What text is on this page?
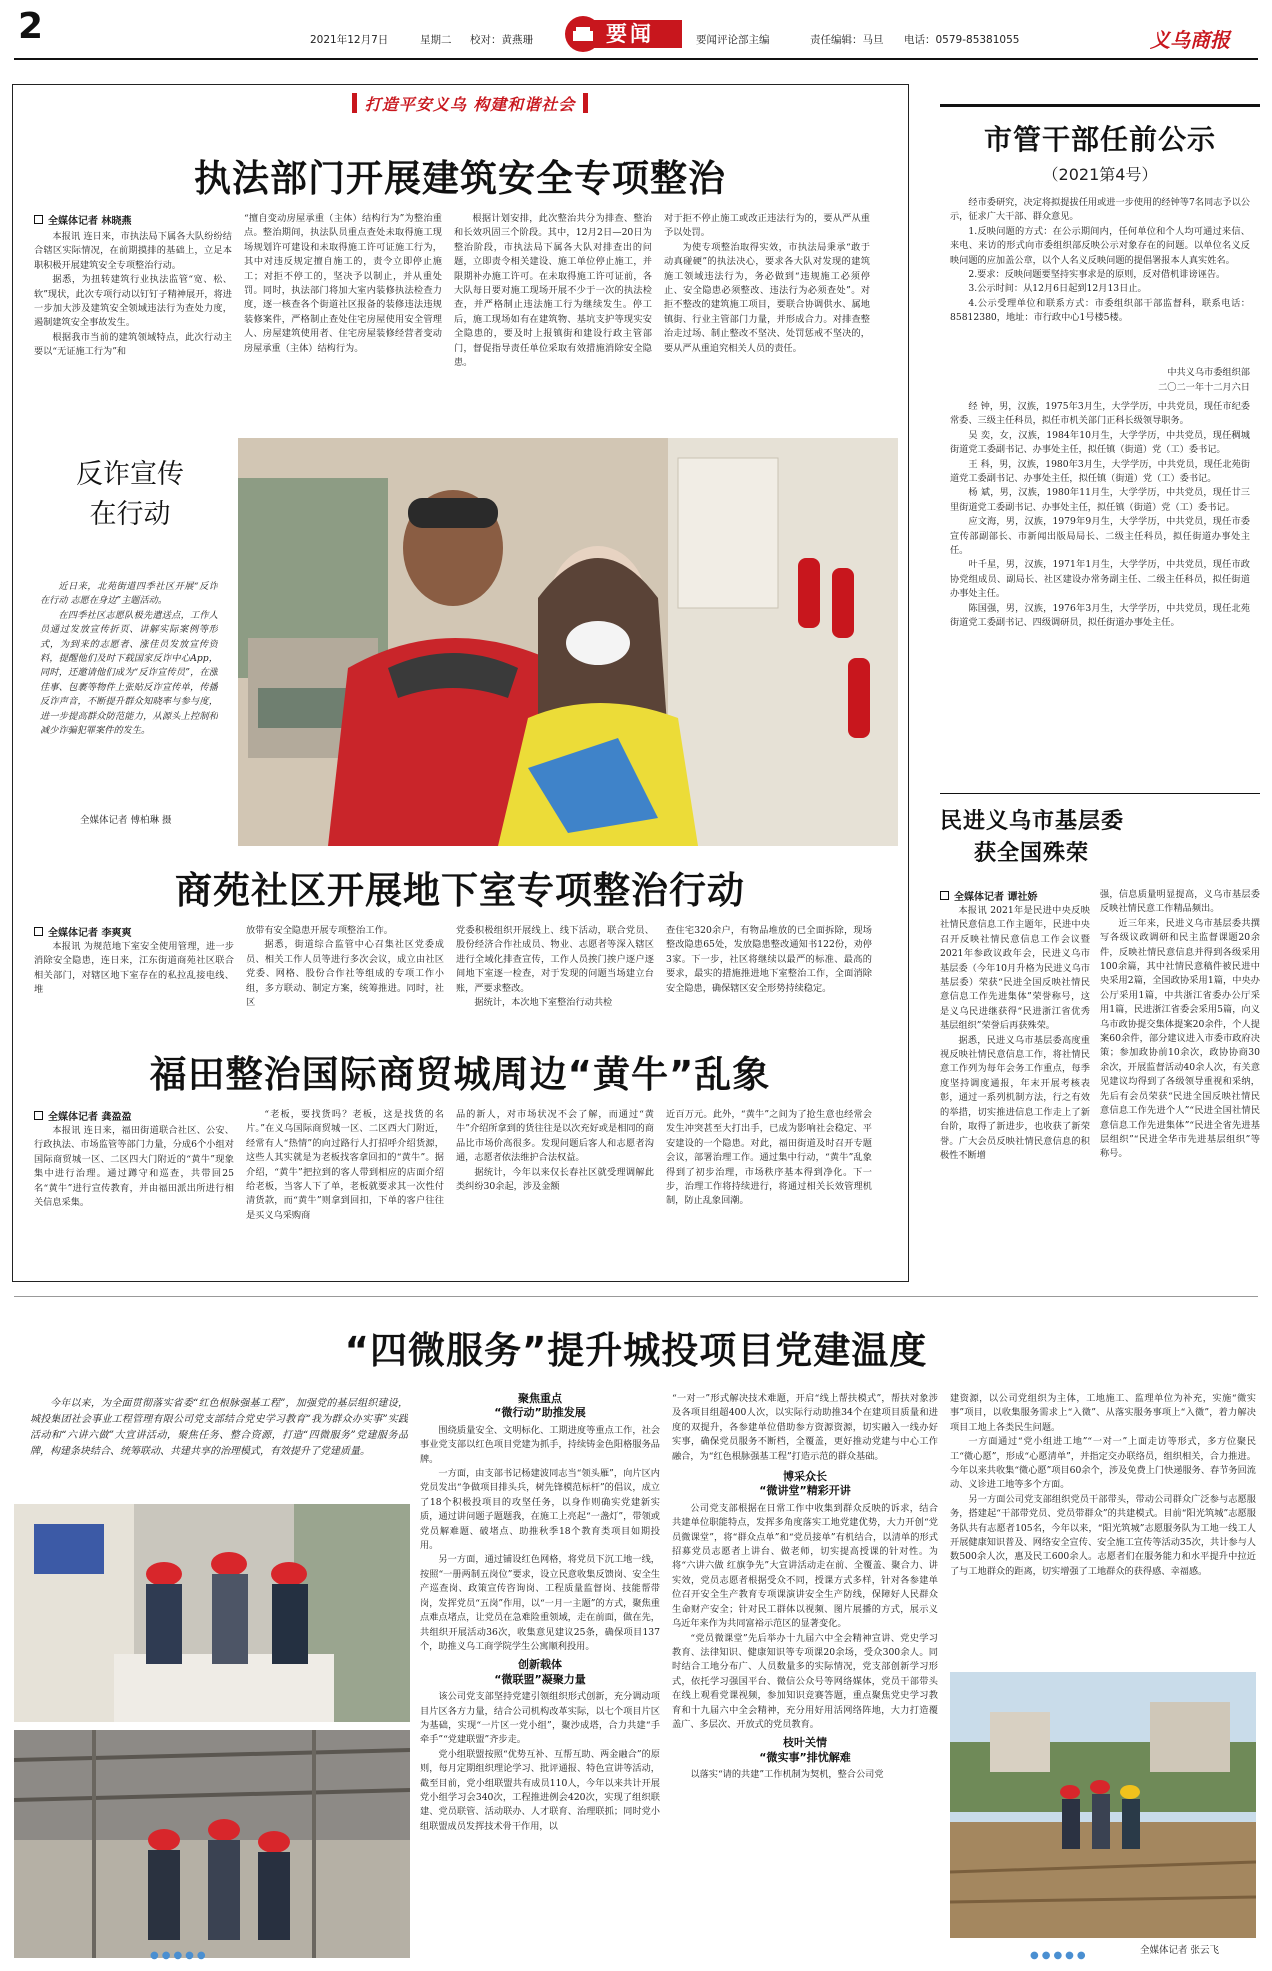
2	2021年12月7日	星期二 校对：黄燕珊	要闻	要闻评论部主编	责任编辑：马旦 电话：0579-85381055	义乌商报
打造平安义乌 构建和谐社会
执法部门开展建筑安全专项整治
全媒体记者 林晓燕
本报讯 连日来，市执法局下属各大队纷纷结合辖区实际情况，在前期摸排的基础上，立足本职积极开展建筑安全专项整治行动。
据悉，为扭转建筑行业执法监管“宽、松、软”现状，此次专项行动以钉钉子精神展开，将进一步加大涉及建筑安全领域违法行为查处力度，遏制建筑安全事故发生。
根据我市当前的建筑领域特点，此次行动主要以“无证施工行为”和
“擅自变动房屋承重（主体）结构行为”为整治重点。整治期间，执法队员重点查处未取得施工现场规划许可建设和未取得施工许可证施工行为，其中对违反规定擅自施工的，责令立即停止施工；对拒不停工的，坚决予以制止，并从重处罚。同时，执法部门将加大室内装修执法检查力度，逐一核查各个街道社区报备的装修违法违规装修案件，严格制止查处住宅房屋使用安全管理人、房屋建筑使用者、住宅房屋装修经营者变动房屋承重（主体）结构行为。
根据计划安排，此次整治共分为排查、整治和长效巩固三个阶段。其中，12月2日—20日为整治阶段，市执法局下属各大队对排查出的问题，立即责令相关建设、施工单位停止施工，并限期补办施工许可。在未取得施工许可证前，各大队每日要对施工现场开展不少于一次的执法检查，并严格制止违法施工行为继续发生。停工后，施工现场如有在建筑物、基坑支护等现实安全隐患的，要及时上报镇街和建设行政主管部门，督促指导责任单位采取有效措施消除安全隐患。
对于拒不停止施工或改正违法行为的，要从严从重予以处罚。
为使专项整治取得实效，市执法局秉承“敢于动真碰硬”的执法决心，要求各大队对发现的建筑施工领域违法行为，务必做到“违规施工必须停止、安全隐患必须整改、违法行为必须查处”。对拒不整改的建筑施工项目，要联合协调供水、属地镇街、行业主管部门力量，并形成合力。对排查整治走过场、制止整改不坚决、处罚惩戒不坚决的，要从严从重追究相关人员的责任。
反诈宣传
在行动
近日来，北苑街道四季社区开展“反诈在行动 志愿在身边”主题活动。
在四季社区志愿队极先遣送点，工作人员通过发放宣传折页、讲解实际案例等形式，为到来的志愿者、涨佳员发放宣传资料，提醒他们及时下载国家反诈中心App，同时，还邀请他们成为“反诈宣传员”，在涨佳事、包裹等物件上张贴反诈宣传单，传播反诈声音，不断提升群众知晓率与参与度，进一步提高群众防范能力，从源头上控制和减少诈骗犯罪案件的发生。
全媒体记者 傅柏琳 摄
商苑社区开展地下室专项整治行动
全媒体记者 李爽爽
本报讯 为规范地下室安全使用管理，进一步消除安全隐患，连日来，江东街道商苑社区联合相关部门，对辖区地下室存在的私拉乱接电线、堆
放带有安全隐患开展专项整治工作。
据悉，街道综合监管中心召集社区党委成员、相关工作人员等进行多次会议，成立由社区党委、网格、股份合作社等组成的专项工作小组，多方联动、制定方案，统筹推进。同时，社区
党委积极组织开展线上、线下活动，联合党员、股份经济合作社成员、物业、志愿者等深入辖区进行全域化排查宣传，工作人员挨门挨户逐户逐间地下室逐一检查，对于发现的问题当场建立台账，严要求整改。
据统计，本次地下室整治行动共检
查住宅320余户，有物品堆放的已全面拆除，现场整改隐患65处，发放隐患整改通知书122份，劝停3家。下一步，社区将继续以最严的标准、最高的要求，最实的措施推进地下室整治工作，全面消除安全隐患，确保辖区安全形势持续稳定。
福田整治国际商贸城周边“黄牛”乱象
全媒体记者 龚盈盈
本报讯 连日来，福田街道联合社区、公安、行政执法、市场监管等部门力量，分成6个小组对国际商贸城一区、二区四大门附近的“黄牛”现象集中进行治理。通过蹲守和巡查，共带回25名“黄牛”进行宣传教育，并由福田派出所进行相关信息采集。
“老板，要找货吗？老板，这是找货的名片。”在义乌国际商贸城一区、二区西大门附近，经常有人“热情”的向过路行人打招呼介绍货源，这些人其实就是为老板找客拿回扣的“黄牛”。据介绍，“黄牛”把拉到的客人带到相应的店面介绍给老板，当客人下了单，老板就要求其一次性付清货款，而“黄牛”则拿到回扣，下单的客户往往是买义乌采购商
品的新人，对市场状况不会了解，而通过“黄牛”介绍所拿到的货往往是以次充好或是相同的商品比市场价高很多。发现问题后客人和志愿者沟通，志愿者依法维护合法权益。
据统计，今年以来仅长春社区就受理调解此类纠纷30余起，涉及金额
近百万元。此外，“黄牛”之间为了抢生意也经常会发生冲突甚至大打出手，已成为影响社会稳定、平安建设的一个隐患。对此，福田街道及时召开专题会议，部署治理工作。通过集中行动，“黄牛”乱象得到了初步治理，市场秩序基本得到净化。下一步，治理工作将持续进行，将通过相关长效管理机制，防止乱象回潮。
市管干部任前公示
（2021第4号）
经市委研究，决定将拟提拔任用或进一步使用的经钟等7名同志予以公示，征求广大干部、群众意见。
1.反映问题的方式：在公示期间内，任何单位和个人均可通过来信、来电、来访的形式向市委组织部反映公示对象存在的问题。以单位名义反映问题的应加盖公章，以个人名义反映问题的提倡署报本人真实姓名。
2.要求：反映问题要坚持实事求是的原则，反对借机诽谤诬告。
3.公示时间：从12月6日起到12月13日止。
4.公示受理单位和联系方式：市委组织部干部监督科，联系电话：85812380，地址：市行政中心1号楼5楼。
中共义乌市委组织部
二〇二一年十二月六日
经 钟，男，汉族，1975年3月生，大学学历，中共党员，现任市纪委常委、三级主任科员，拟任市机关部门正科长级领导职务。
吴 奕，女，汉族，1984年10月生，大学学历，中共党员，现任稠城街道党工委副书记、办事处主任，拟任镇（街道）党（工）委书记。
王 科，男，汉族，1980年3月生，大学学历，中共党员，现任北苑街道党工委副书记、办事处主任，拟任镇（街道）党（工）委书记。
杨 斌，男，汉族，1980年11月生，大学学历，中共党员，现任廿三里街道党工委副书记、办事处主任，拟任镇（街道）党（工）委书记。
应文海，男，汉族，1979年9月生，大学学历，中共党员，现任市委宣传部副部长、市新闻出版局局长、二级主任科员，拟任街道办事处主任。
叶千星，男，汉族，1971年1月生，大学学历，中共党员，现任市政协党组成员、副局长、社区建设办常务副主任、二级主任科员，拟任街道办事处主任。
陈国强，男，汉族，1976年3月生，大学学历，中共党员，现任北苑街道党工委副书记、四级调研员，拟任街道办事处主任。
民进义乌市基层委
获全国殊荣
全媒体记者 谭社娇
本报讯 2021年是民进中央反映社情民意信息工作主题年，民进中央召开反映社情民意信息工作会议暨2021年参政议政年会，民进义乌市基层委（今年10月升格为民进义乌市基层委）荣获“民进全国反映社情民意信息工作先进集体”荣誉称号，这是义乌民进继获得“民进浙江省优秀基层组织”荣誉后再获殊荣。
据悉，民进义乌市基层委高度重视反映社情民意信息工作，将社情民意工作列为每年会务工作重点，每季度坚持调度通报，年末开展考核表彰，通过一系列机制方法，行之有效的举措，切实推进信息工作走上了新台阶，取得了新进步，也收获了新荣誉。广大会员反映社情民意信息的积极性不断增
强，信息质量明显提高，义乌市基层委反映社情民意工作精品频出。
近三年来，民进义乌市基层委共撰写各级议政调研和民主监督课题20余件，反映社情民意信息并得到各级采用100余篇，其中社情民意稿件被民进中央采用2篇，全国政协采用1篇，中央办公厅采用1篇，中共浙江省委办公厅采用1篇，民进浙江省委会采用5篇，向义乌市政协提交集体提案20余件，个人提案60余件，部分建议进入市委市政府决策；参加政协前10余次，政协协商30余次，开展监督活动40余人次，有关意见建议均得到了各级领导重视和采纳，先后有会员荣获“民进全国反映社情民意信息工作先进个人”“民进全国社情民意信息工作先进集体”“民进全省先进基层组织”“民进全华市先进基层组织”等称号。
“四微服务”提升城投项目党建温度
今年以来，为全面贯彻落实省委“红色根脉强基工程”，加强党的基层组织建设，城投集团社会事业工程管理有限公司党支部结合党史学习教育“我为群众办实事”实践活动和“六讲六做”大宣讲活动，聚焦任务、整合资源，打造“四微服务”党建服务品牌，构建条块结合、统筹联动、共建共享的治理模式，有效提升了党建质量。
聚焦重点
“微行动”助推发展
围绕质量安全、文明标化、工期进度等重点工作，社会事业党支部以红色项目党建为抓手，持续铸金色阳格服务品牌。
一方面，由支部书记杨建波同志当“领头雁”，向片区内党员发出“争做项目排头兵，树先锋模范标杆”的倡议，成立了18个积极投项目的攻坚任务，以身作则确实党建新实质，通过讲问题子题题我，在施工上亮起“一盏灯”，带领或党员解难题、破堵点、助推秋季18个教育类项目如期投用。
另一方面，通过铺设红色网格，将党员下沉工地一线，按照“一册两制五岗位”要求，设立民意收集反馈岗、安全生产巡查岗、政策宣传咨询岗、工程质量监督岗、技能帮带岗，发挥党员“五岗”作用，以“一月一主题”的方式，聚焦重点难点堵点，让党员在急难险重领域，走在前面，做在先，共组织开展活动36次，收集意见建议25条，确保项目137个，助推义乌工商学院学生公寓顺利投用。
创新载体
“微联盟”凝聚力量
该公司党支部坚持党建引领组织形式创新，充分调动项目片区各方力量，结合公司机构改革实际，以七个项目片区为基础，实现“一片区一党小组”，聚沙成塔，合力共建“手牵手”“党建联盟”齐步走。
党小组联盟按照“优势互补、互帮互助、两金融合”的原则，每月定期组织理论学习、批评通报、特色宣讲等活动，截至目前，党小组联盟共有成员110人，今年以来共计开展党小组学习会340次，工程推进例会420次，实现了组织联建、党员联管、活动联办、人才联育、治理联抓；同时党小组联盟成员发挥技术骨干作用，以
“一对一”形式解决技术难题，开启“线上帮扶模式”，帮扶对象涉及各项目组超400人次，以实际行动助推34个在建项目质量和进度的双提升，各参建单位借助参方资源资源，切实融入一线办好实事，确保党员服务不断档，全覆盖，更好推动党建与中心工作融合，为“红色根脉强基工程”打造示范的群众基础。
博采众长
“微讲堂”精彩开讲
公司党支部根据在日常工作中收集到群众反映的诉求，结合共建单位职能特点，发挥多角度落实工地党建优势，大力开创“党员微课堂”，将“群众点单”和“党员接单”有机结合，以清单的形式招募党员志愿者上讲台、做老师，切实提高授课的针对性。为将“六讲六做 红旗争先”大宣讲活动走在前、全覆盖、聚合力、讲实效，党员志愿者根据受众不同，授课方式多样，针对各参建单位召开安全生产教育专项课演讲安全生产防线，保障好人民群众生命财产安全；针对民工群体以视频、图片展播的方式，展示义乌近年来作为共同富裕示范区的显著变化。
“党员微课堂”先后举办十九届六中全会精神宣讲、党史学习教育、法律知识、健康知识等专项课20余场，受众300余人。同时结合工地分布广、人员数量多的实际情况，党支部创新学习形式，依托学习强国平台、微信公众号等网络媒体，党员干部带头在线上观看党课视频，参加知识竞赛答题，重点聚焦党史学习教育和十九届六中全会精神，充分用好用活网络阵地，大力打造覆盖广、多层次、开放式的党员教育。
枝叶关情
“微实事”排忧解难
以落实“请的共建”工作机制为契机，整合公司党
建资源，以公司党组织为主体，工地施工、监理单位为补充，实施“微实事”项目，以收集服务需求上“入微”、从落实服务事项上“入微”，着力解决项目工地上各类民生问题。
一方面通过“党小组进工地”“一对一”上面走访等形式，多方位聚民工“微心愿”，形成“心愿清单”，并指定交办联络员，组织相关，合力推进。今年以来共收集“微心愿”项目60余个，涉及免费上门快递服务、春节务回流动、义诊进工地等多个方面。
另一方面公司党支部组织党员干部带头，带动公司群众广泛参与志愿服务，搭建起“干部带党员、党员带群众”的共建模式。目前“阳光筑城”志愿服务队共有志愿者105名，今年以来，“阳光筑城”志愿服务队为工地一线工人开展健康知识普及、网络安全宣传、安全施工宣传等活动35次，共计参与人数500余人次，惠及民工600余人。志愿者们在服务能力和水平提升中拉近了与工地群众的距离，切实增强了工地群众的获得感、幸福感。
全媒体记者 张云飞
●●●●●	●●●●●
